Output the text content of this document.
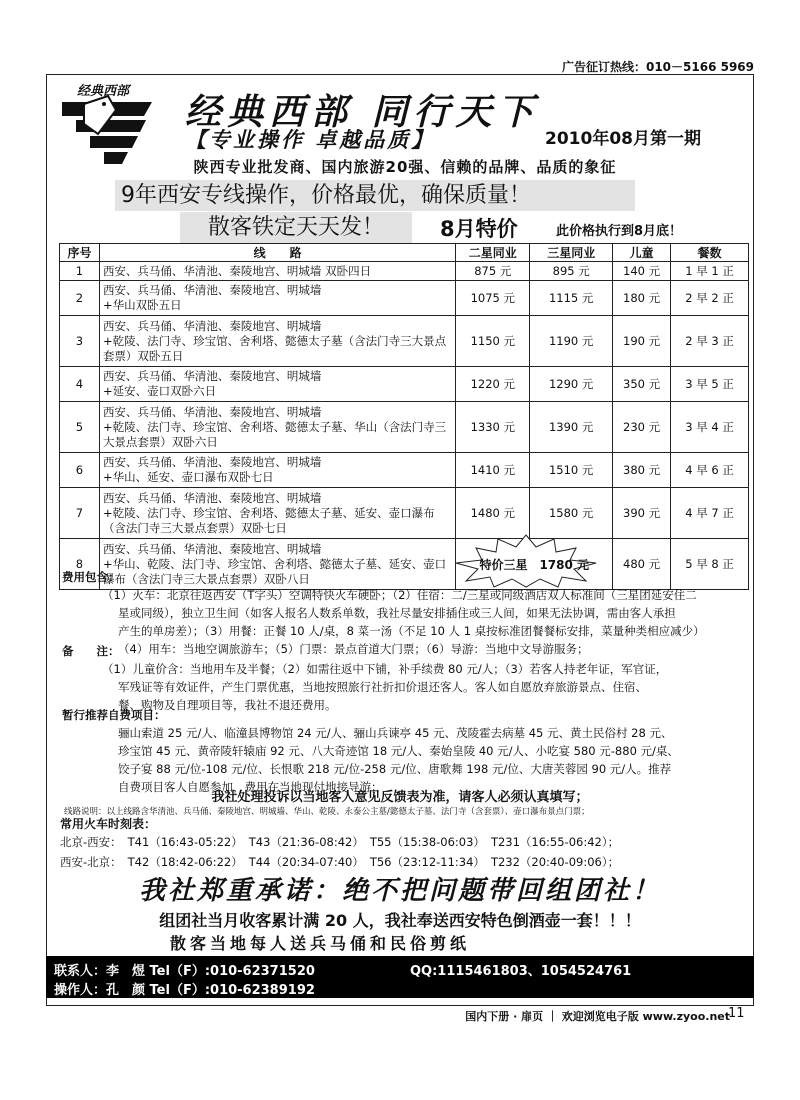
广告征订热线：010－5166 5969
经典西部 经典西部 同行天下
【专业操作 卓越品质】	2010年08月第一期
陕西专业批发商、国内旅游20强、信赖的品牌、品质的象征
9年西安专线操作，价格最优，确保质量！
散客铁定天天发！	8月特价	此价格执行到8月底！
序号	线　　路	二星同业	三星同业	儿童	餐数
1	西安、兵马俑、华清池、秦陵地宫、明城墙 双卧四日	875 元	895 元	140 元	1 早 1 正
2	西安、兵马俑、华清池、秦陵地宫、明城墙
+华山双卧五日	1075 元	1115 元	180 元	2 早 2 正
3	西安、兵马俑、华清池、秦陵地宫、明城墙
+乾陵、法门寺、珍宝馆、舍利塔、懿德太子墓（含法门寺三大景点套票）双卧五日	1150 元	1190 元	190 元	2 早 3 正
4	西安、兵马俑、华清池、秦陵地宫、明城墙
+延安、壶口双卧六日	1220 元	1290 元	350 元	3 早 5 正
5	西安、兵马俑、华清池、秦陵地宫、明城墙
+乾陵、法门寺、珍宝馆、舍利塔、懿德太子墓、华山（含法门寺三大景点套票）双卧六日	1330 元	1390 元	230 元	3 早 4 正
6	西安、兵马俑、华清池、秦陵地宫、明城墙
+华山、延安、壶口瀑布双卧七日	1410 元	1510 元	380 元	4 早 6 正
7	西安、兵马俑、华清池、秦陵地宫、明城墙
+乾陵、法门寺、珍宝馆、舍利塔、懿德太子墓、延安、壶口瀑布（含法门寺三大景点套票）双卧七日	1480 元	1580 元	390 元	4 早 7 正
8	西安、兵马俑、华清池、秦陵地宫、明城墙
+华山、乾陵、法门寺、珍宝馆、舍利塔、懿德太子墓、延安、壶口瀑布（含法门寺三大景点套票）双卧八日	特价三星　1780 元		480 元	5 早 8 正
费用包含：
（1）火车：北京往返西安（T字头）空调特快火车硬卧；（2）住宿：二/三星或同级酒店双人标准间（三星团延安住二
星或同级），独立卫生间（如客人报名人数系单数，我社尽量安排插住或三人间，如果无法协调，需由客人承担
产生的单房差）；（3）用餐：正餐 10 人/桌，8 菜一汤（不足 10 人 1 桌按标准团餐餐标安排，菜量种类相应减少）
（4）用车：当地空调旅游车；（5）门票：景点首道大门票；（6）导游：当地中文导游服务；
备　　注：
（1）儿童价含：当地用车及半餐；（2）如需往返中下铺，补手续费 80 元/人；（3）若客人持老年证，军官证，
军残证等有效证件，产生门票优惠，当地按照旅行社折扣价退还客人。客人如自愿放弃旅游景点、住宿、
餐、购物及自理项目等，我社不退还费用。
暂行推荐自费项目：
骊山索道 25 元/人、临潼县博物馆 24 元/人、骊山兵谏亭 45 元、茂陵霍去病墓 45 元、黄土民俗村 28 元、
珍宝馆 45 元、黄帝陵轩辕庙 92 元、八大奇迹馆 18 元/人、秦始皇陵 40 元/人、小吃宴 580 元-880 元/桌、
饺子宴 88 元/位-108 元/位、长恨歌 218 元/位-258 元/位、唐歌舞 198 元/位、大唐芙蓉园 90 元/人。推荐
自费项目客人自愿参加，费用在当地现付地接导游；
我社处理投诉以当地客人意见反馈表为准，请客人必须认真填写；
线路说明：以上线路含华清池、兵马俑、秦陵地宫、明城墙、华山、乾陵、永泰公主墓/懿德太子墓、法门寺（含套票）、壶口瀑布景点门票；
常用火车时刻表：
北京-西安：	T41（16:43-05:22）	T43（21:36-08:42）	T55（15:38-06:03）	T231（16:55-06:42）；
西安-北京：	T42（18:42-06:22）	T44（20:34-07:40）	T56（23:12-11:34）	T232（20:40-09:06）；
我社郑重承诺：绝不把问题带回组团社！
组团社当月收客累计满 20 人，我社奉送西安特色倒酒壶一套！！！
散客当地每人送兵马俑和民俗剪纸
联系人：李　煜 Tel（F）:010-62371520	QQ:1115461803、1054524761
操作人：孔　颜 Tel（F）:010-62389192
国内下册 · 扉页 ｜ 欢迎浏览电子版 www.zyoo.net
11
